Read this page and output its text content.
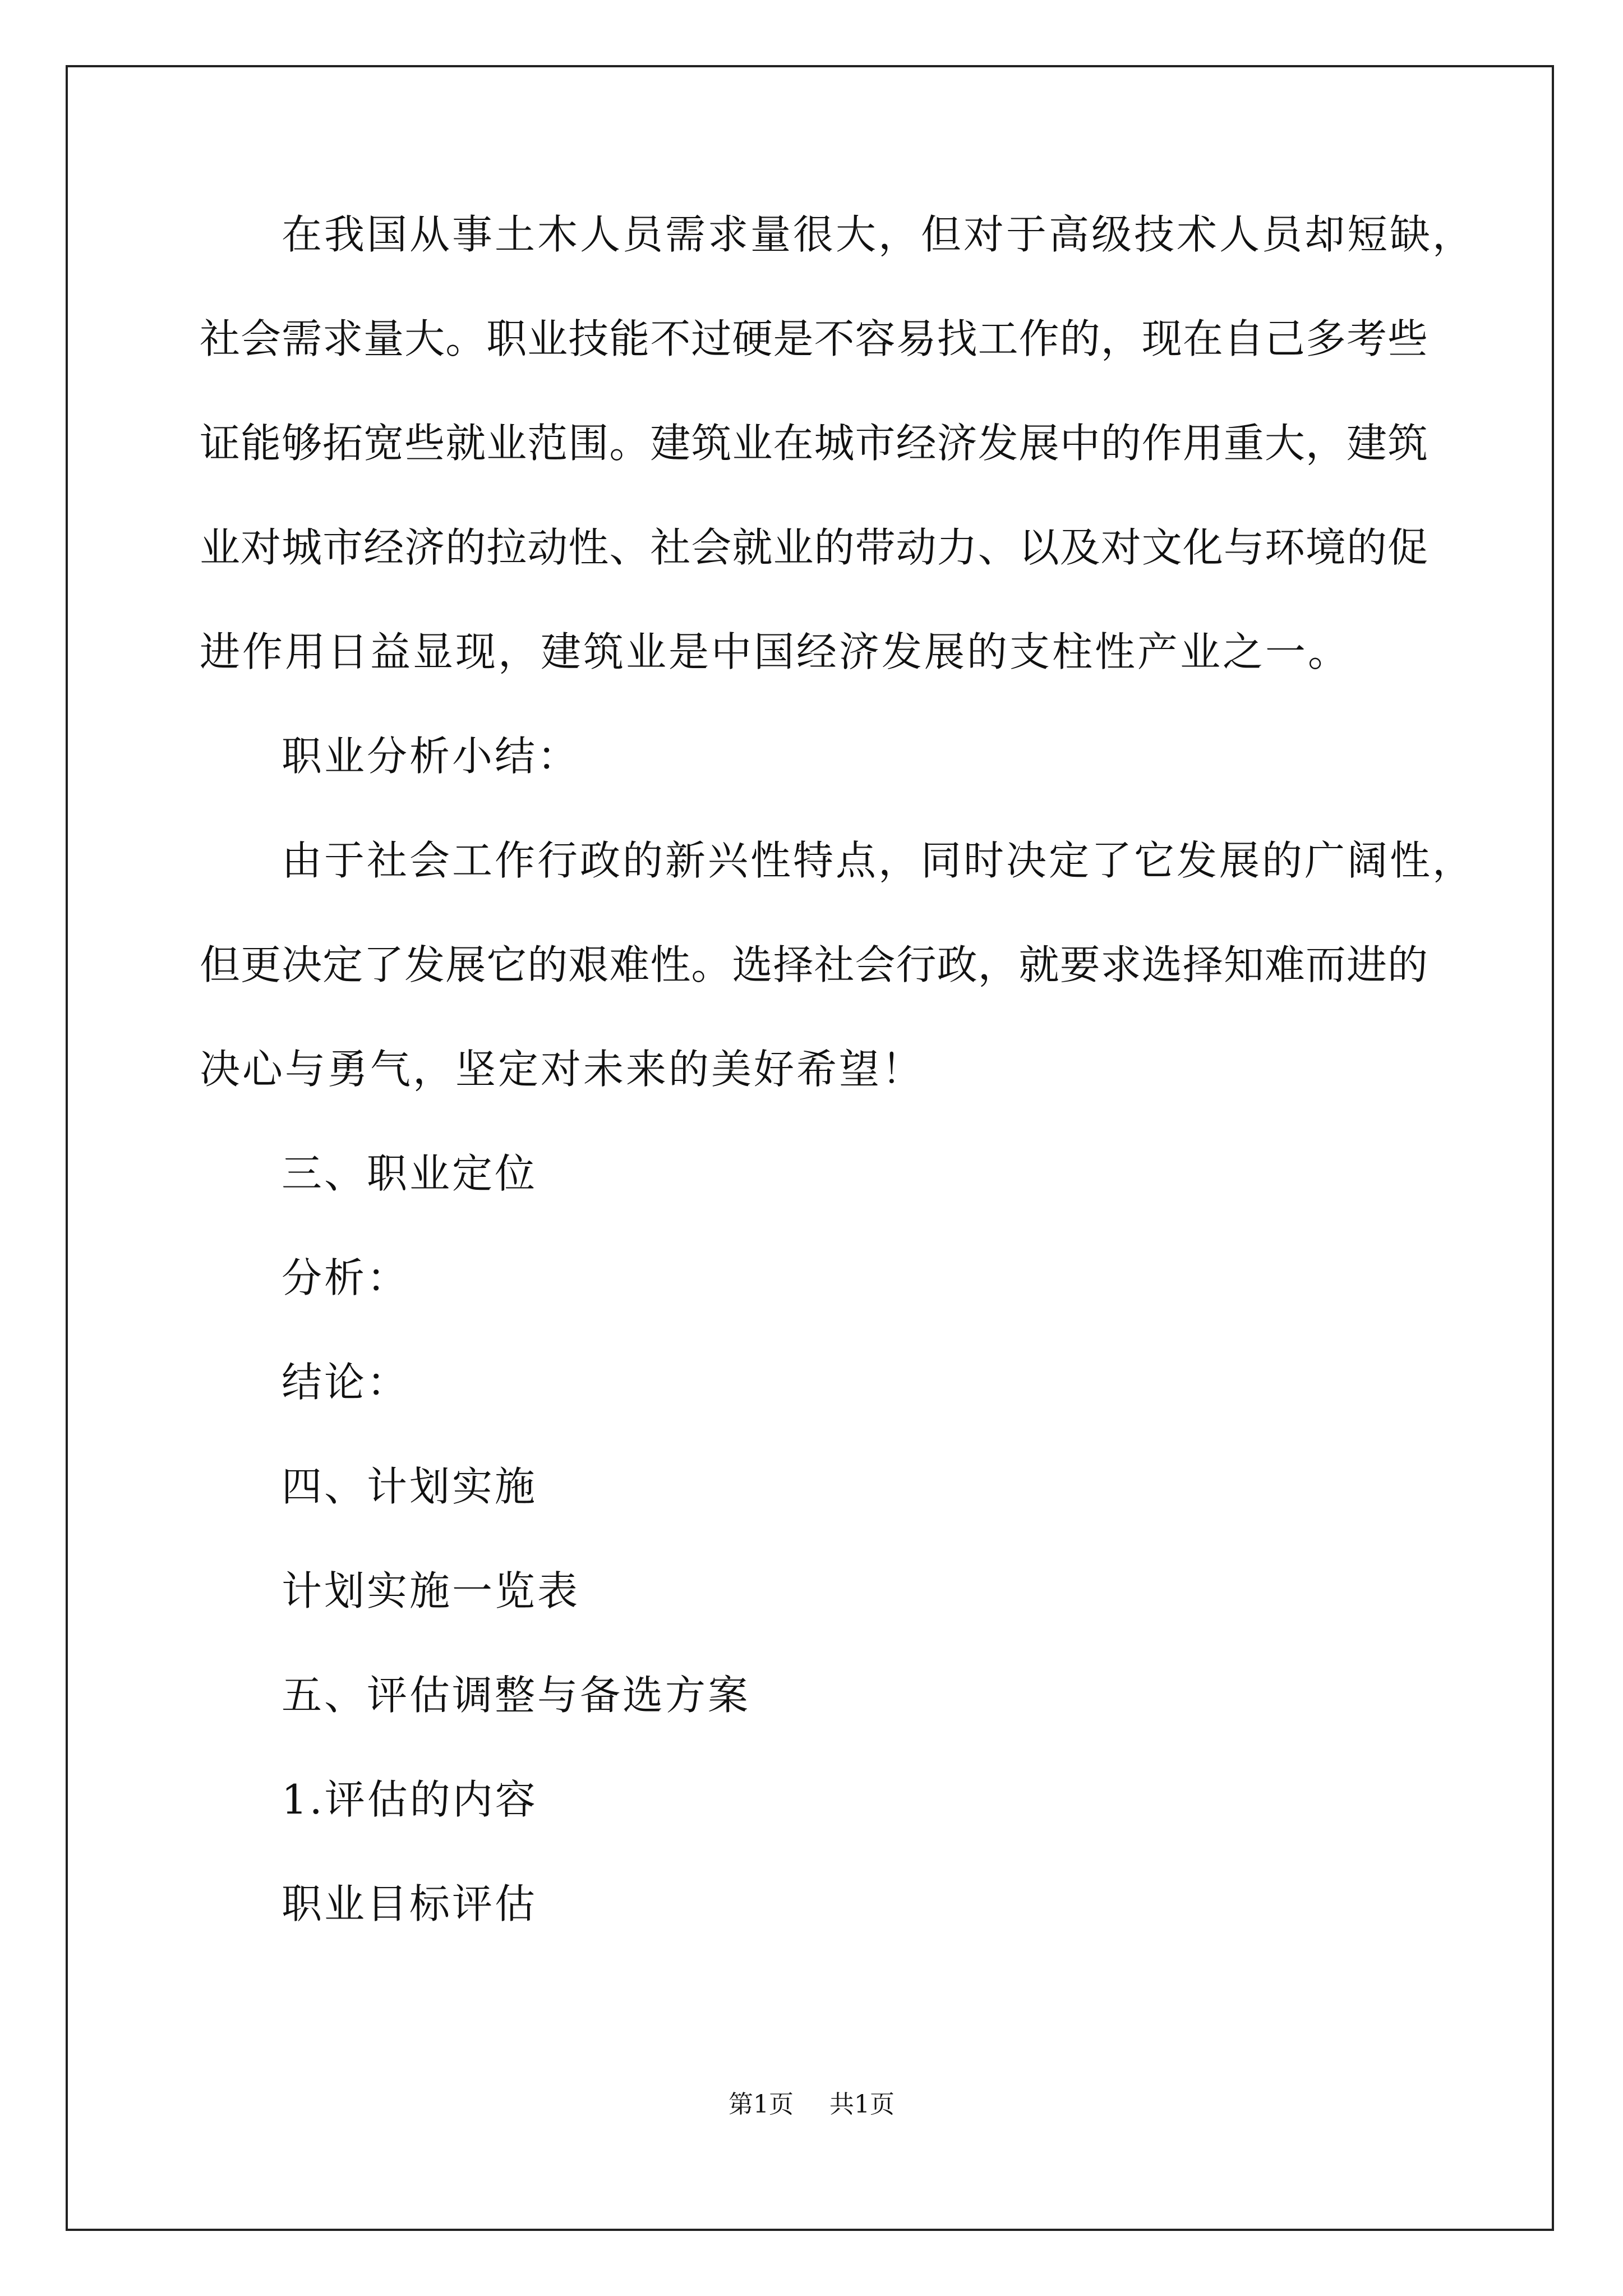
在我国从事土木人员需求量很大，但对于高级技术人员却短缺，
社会需求量大。职业技能不过硬是不容易找工作的，现在自己多考些
证能够拓宽些就业范围。建筑业在城市经济发展中的作用重大，建筑
业对城市经济的拉动性、社会就业的带动力、以及对文化与环境的促
进作用日益显现，建筑业是中国经济发展的支柱性产业之一。
职业分析小结：
由于社会工作行政的新兴性特点，同时决定了它发展的广阔性，
但更决定了发展它的艰难性。选择社会行政，就要求选择知难而进的
决心与勇气，坚定对未来的美好希望！
三、职业定位
分析：
结论：
四、计划实施
计划实施一览表
五、评估调整与备选方案
1.评估的内容
职业目标评估
第1页 共1页
